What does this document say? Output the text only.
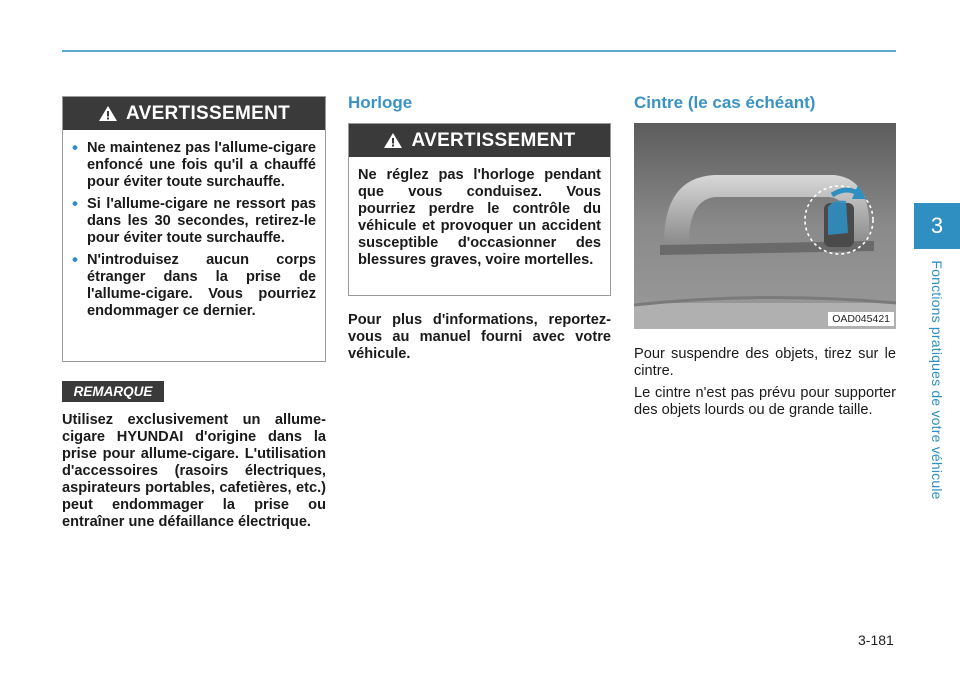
AVERTISSEMENT
• Ne maintenez pas l'allume-cigare enfoncé une fois qu'il a chauffé pour éviter toute surchauffe.
• Si l'allume-cigare ne ressort pas dans les 30 secondes, retirez-le pour éviter toute surchauffe.
• N'introduisez aucun corps étranger dans la prise de l'allume-cigare. Vous pourriez endommager ce dernier.
REMARQUE
Utilisez exclusivement un allume-cigare HYUNDAI d'origine dans la prise pour allume-cigare. L'utilisation d'accessoires (rasoirs électriques, aspirateurs portables, cafetières, etc.) peut endommager la prise ou entraîner une défaillance électrique.
Horloge
AVERTISSEMENT
Ne réglez pas l'horloge pendant que vous conduisez. Vous pourriez perdre le contrôle du véhicule et provoquer un accident susceptible d'occasionner des blessures graves, voire mortelles.
Pour plus d'informations, reportez-vous au manuel fourni avec votre véhicule.
Cintre (le cas échéant)
OAD045421
Pour suspendre des objets, tirez sur le cintre.
Le cintre n'est pas prévu pour supporter des objets lourds ou de grande taille.
3
Fonctions pratiques de votre véhicule
3-181
